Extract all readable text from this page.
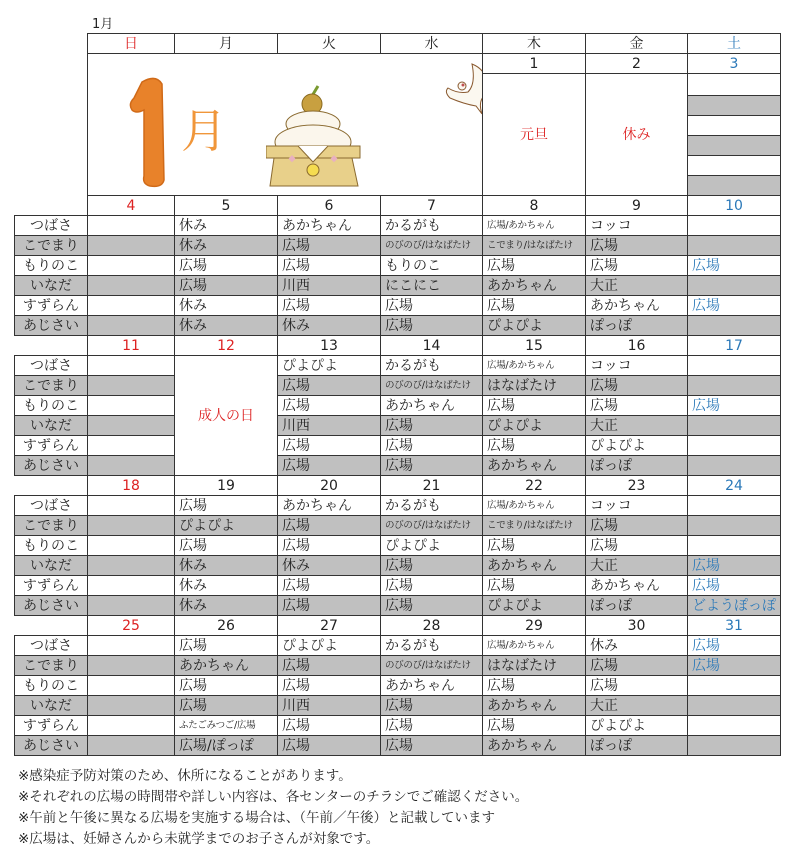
1月
	日	月	火	水	木	金	土

	月				1	2	3
					元旦	休み	

	4	5	6	7	8	9	10
つばさ		休み	あかちゃん	かるがも	広場/あかちゃん	コッコ	
こでまり		休み	広場	のびのび/はなばたけ	こでまり/はなばたけ	広場	
もりのこ		広場	広場	もりのこ	広場	広場	広場
いなだ		広場	川西	にこにこ	あかちゃん	大正	
すずらん		休み	広場	広場	広場	あかちゃん	広場
あじさい		休み	休み	広場	ぴよぴよ	ぽっぽ	
	11	12	13	14	15	16	17
つばさ		成人の日	ぴよぴよ	かるがも	広場/あかちゃん	コッコ	
こでまり			広場	のびのび/はなばたけ	はなばたけ	広場	
もりのこ			広場	あかちゃん	広場	広場	広場
いなだ			川西	広場	ぴよぴよ	大正	
すずらん			広場	広場	広場	ぴよぴよ	
あじさい			広場	広場	あかちゃん	ぽっぽ	
	18	19	20	21	22	23	24
つばさ		広場	あかちゃん	かるがも	広場/あかちゃん	コッコ	
こでまり		ぴよぴよ	広場	のびのび/はなばたけ	こでまり/はなばたけ	広場	
もりのこ		広場	広場	ぴよぴよ	広場	広場	
いなだ		休み	休み	広場	あかちゃん	大正	広場
すずらん		休み	広場	広場	広場	あかちゃん	広場
あじさい		休み	広場	広場	ぴよぴよ	ぽっぽ	どようぽっぽ
	25	26	27	28	29	30	31
つばさ		広場	ぴよぴよ	かるがも	広場/あかちゃん	休み	広場
こでまり		あかちゃん	広場	のびのび/はなばたけ	はなばたけ	広場	広場
もりのこ		広場	広場	あかちゃん	広場	広場	
いなだ		広場	川西	広場	あかちゃん	大正	
すずらん		ふたごみつご/広場	広場	広場	広場	ぴよぴよ	
あじさい		広場/ぽっぽ	広場	広場	あかちゃん	ぽっぽ	
※感染症予防対策のため、休所になることがあります。
※それぞれの広場の時間帯や詳しい内容は、各センターのチラシでご確認ください。
※午前と午後に異なる広場を実施する場合は、（午前／午後）と記載しています
※広場は、妊婦さんから未就学までのお子さんが対象です。
